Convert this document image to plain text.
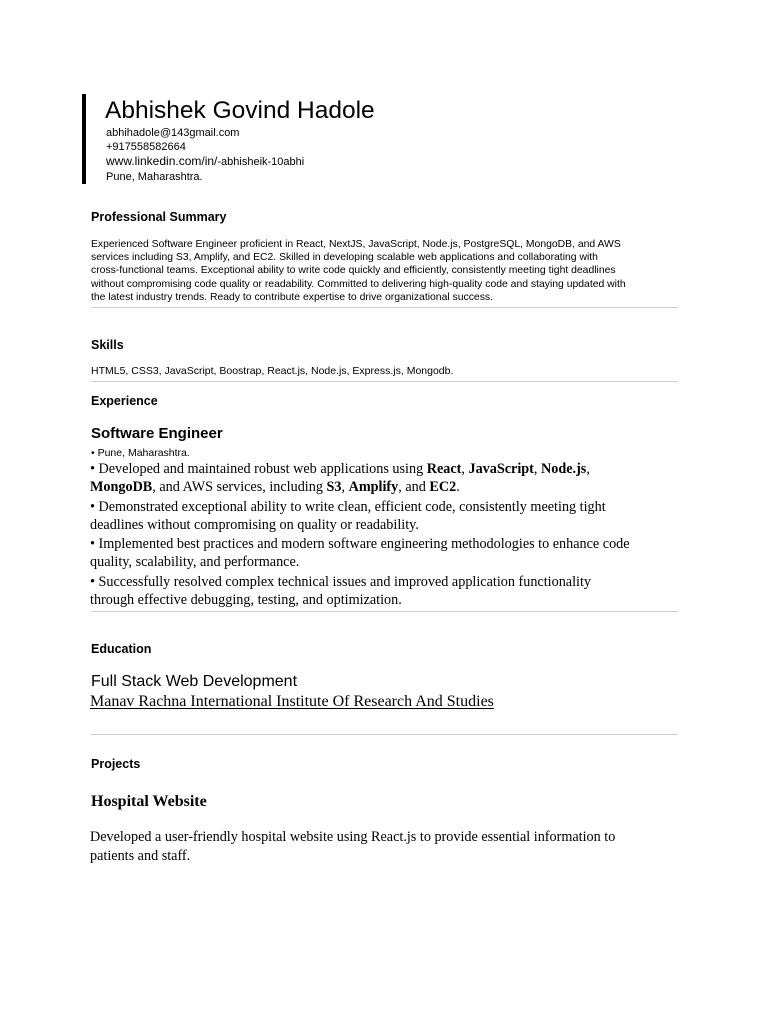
Abhishek Govind Hadole
abhihadole@143gmail.com
+917558582664
www.linkedin.com/in/-abhisheik-10abhi
Pune, Maharashtra.
Professional Summary
Experienced Software Engineer proficient in React, NextJS, JavaScript, Node.js, PostgreSQL, MongoDB, and AWS
services including S3, Amplify, and EC2. Skilled in developing scalable web applications and collaborating with
cross-functional teams. Exceptional ability to write code quickly and efficiently, consistently meeting tight deadlines
without compromising code quality or readability. Committed to delivering high-quality code and staying updated with
the latest industry trends. Ready to contribute expertise to drive organizational success.
Skills
HTML5, CSS3, JavaScript, Boostrap, React.js, Node.js, Express.js, Mongodb.
Experience
Software Engineer
• Pune, Maharashtra.
• Developed and maintained robust web applications using React, JavaScript, Node.js,
MongoDB, and AWS services, including S3, Amplify, and EC2.
• Demonstrated exceptional ability to write clean, efficient code, consistently meeting tight
deadlines without compromising on quality or readability.
• Implemented best practices and modern software engineering methodologies to enhance code
quality, scalability, and performance.
• Successfully resolved complex technical issues and improved application functionality
through effective debugging, testing, and optimization.
Education
Full Stack Web Development
Manav Rachna International Institute Of Research And Studies
Projects
Hospital Website
Developed a user-friendly hospital website using React.js to provide essential information to
patients and staff.
